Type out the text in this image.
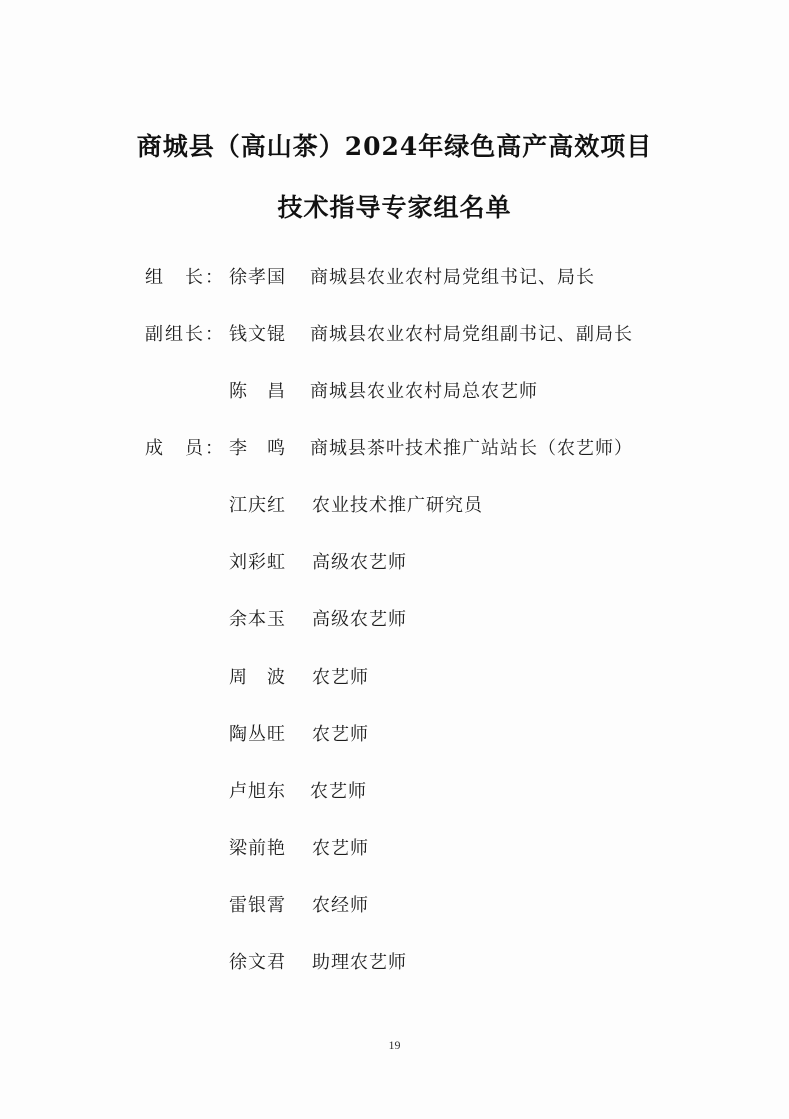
商城县（高山茶）2024年绿色高产高效项目
技术指导专家组名单
组　长： 徐孝国 商城县农业农村局党组书记、局长
副组长： 钱文锟 商城县农业农村局党组副书记、副局长
陈　昌 商城县农业农村局总农艺师
成　员： 李　鸣 商城县茶叶技术推广站站长（农艺师）
江庆红 农业技术推广研究员
刘彩虹 高级农艺师
余本玉 高级农艺师
周　波 农艺师
陶丛旺 农艺师
卢旭东 农艺师
梁前艳 农艺师
雷银霄 农经师
徐文君 助理农艺师
19
